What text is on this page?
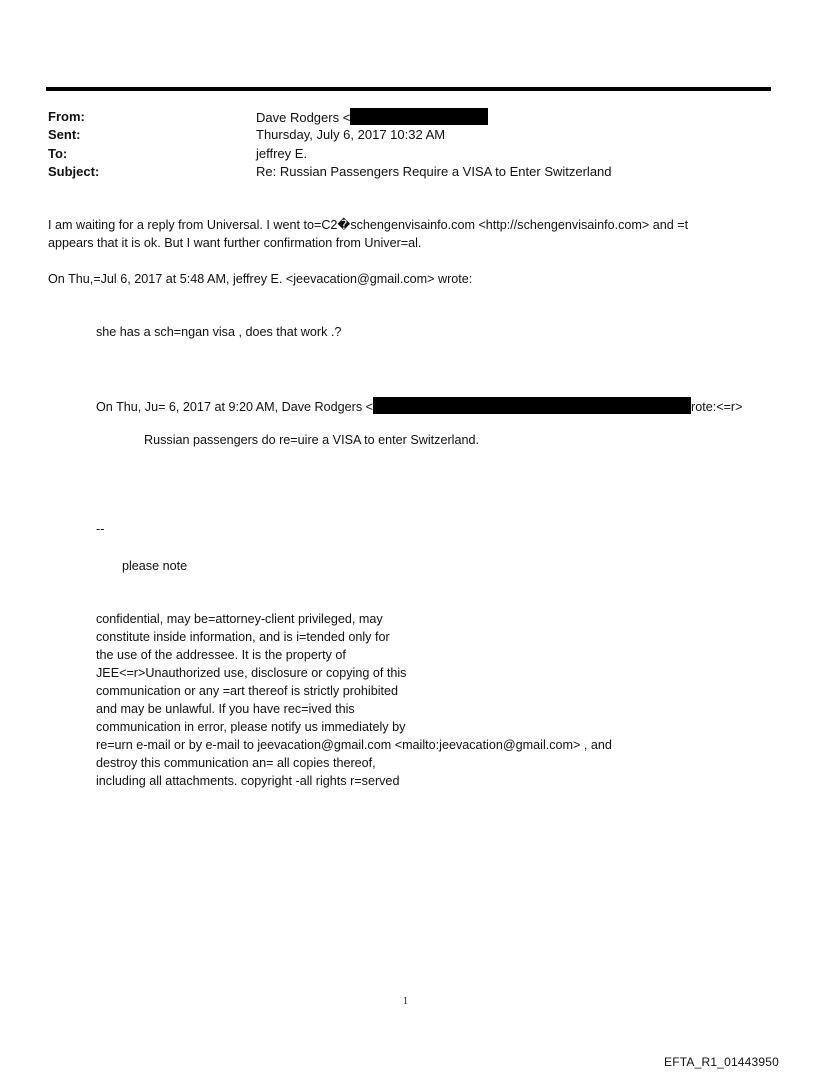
From:	Dave Rodgers <
Sent:	Thursday, July 6, 2017 10:32 AM
To:	jeffrey E.
Subject:	Re: Russian Passengers Require a VISA to Enter Switzerland
I am waiting for a reply from Universal. I went to=C2�schengenvisainfo.com <http://schengenvisainfo.com> and =t
appears that it is ok. But I want further confirmation from Univer=al.
On Thu,=Jul 6, 2017 at 5:48 AM, jeffrey E. <jeevacation@gmail.com> wrote:
she has a sch=ngan visa , does that work .?
On Thu, Ju= 6, 2017 at 9:20 AM, Dave Rodgers <	rote:<=r>
Russian passengers do re=uire a VISA to enter Switzerland.
--
please note
confidential, may be=attorney-client privileged, may
constitute inside information, and is i=tended only for
the use of the addressee. It is the property of
JEE<=r>Unauthorized use, disclosure or copying of this
communication or any =art thereof is strictly prohibited
and may be unlawful. If you have rec=ived this
communication in error, please notify us immediately by
re=urn e-mail or by e-mail to jeevacation@gmail.com <mailto:jeevacation@gmail.com> , and
destroy this communication an= all copies thereof,
including all attachments. copyright -all rights r=served
1
EFTA_R1_01443950
